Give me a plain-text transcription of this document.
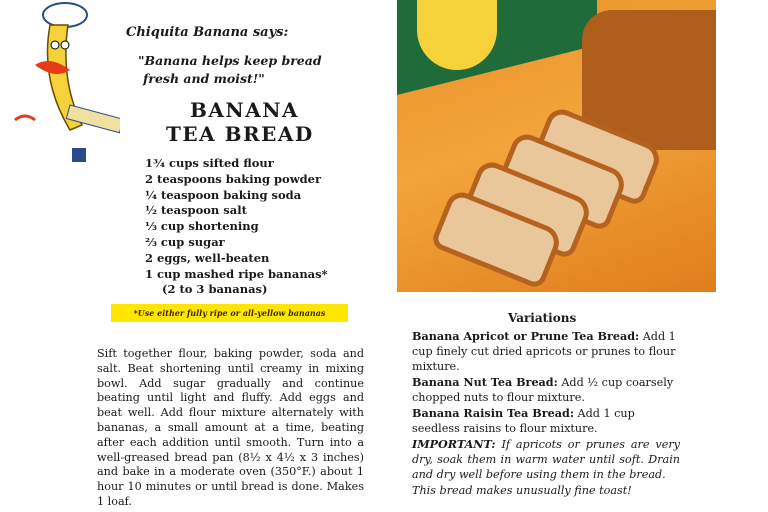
Chiquita Banana says:
"Banana helps keep bread
fresh and moist!"
BANANA
TEA BREAD
1¾ cups sifted flour
2 teaspoons baking powder
¼ teaspoon baking soda
½ teaspoon salt
⅓ cup shortening
⅔ cup sugar
2 eggs, well-beaten
1 cup mashed ripe bananas*
(2 to 3 bananas)
*Use either fully ripe or all-yellow bananas

Sift together flour, baking powder, soda and salt. Beat shortening until creamy in mixing bowl. Add sugar gradually and continue beating until light and fluffy. Add eggs and beat well. Add flour mixture alternately with bananas, a small amount at a time, beating after each addition until smooth. Turn into a well-greased bread pan (8½ x 4½ x 3 inches) and bake in a moderate oven (350°F.) about 1 hour 10 minutes or until bread is done. Makes 1 loaf.

Variations

Banana Apricot or Prune Tea Bread: Add 1 cup finely cut dried apricots or prunes to flour mixture.

Banana Nut Tea Bread: Add ½ cup coarsely chopped nuts to flour mixture.

Banana Raisin Tea Bread: Add 1 cup seedless raisins to flour mixture.

IMPORTANT: If apricots or prunes are very dry, soak them in warm water until soft. Drain and dry well before using them in the bread.

This bread makes unusually fine toast!
